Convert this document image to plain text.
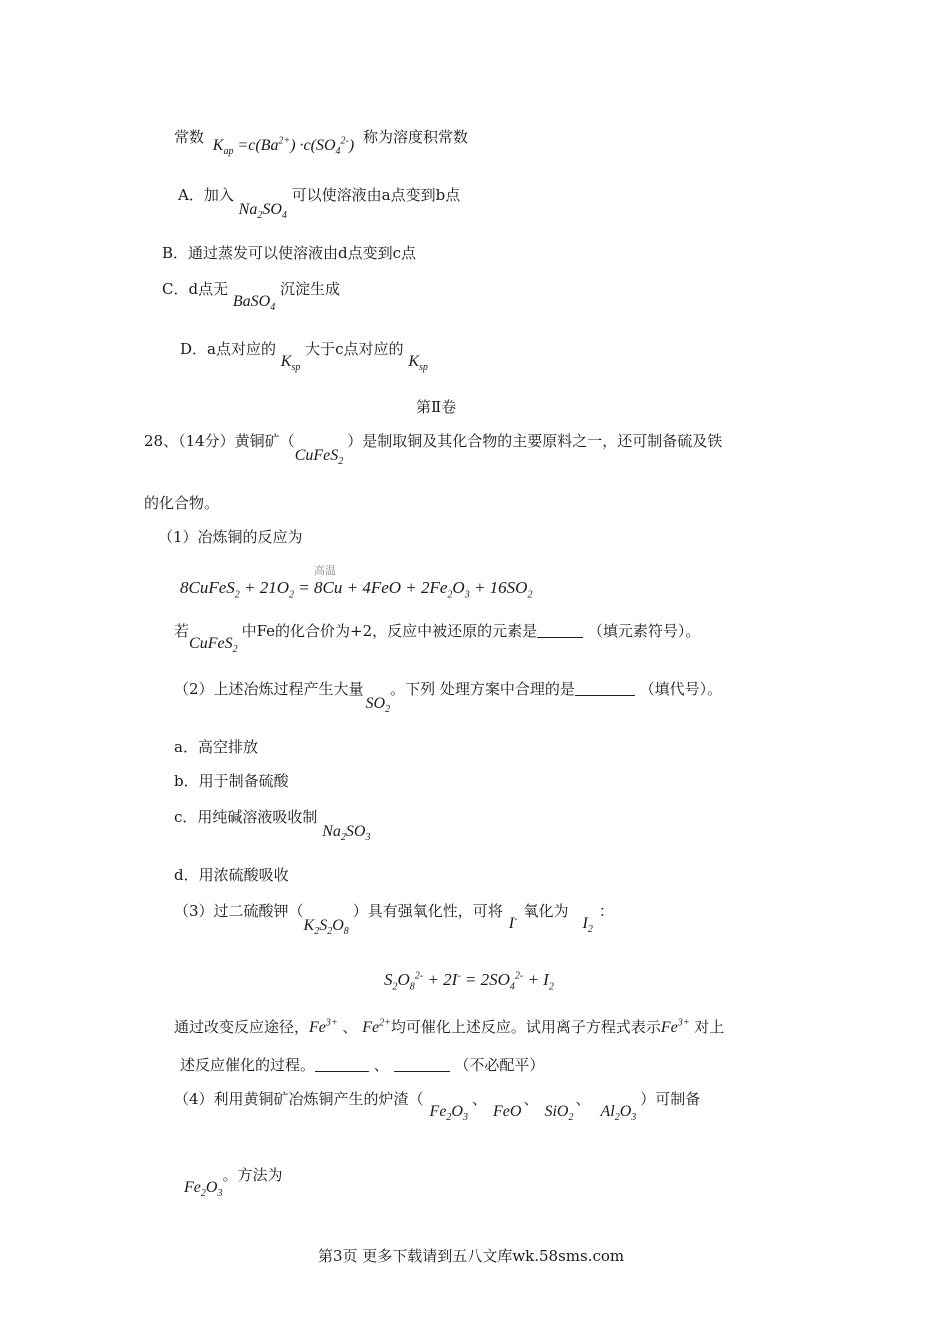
常数 $K_{ap} =c(Ba^{2+}) \cdot c(SO_4^{2-})$ 称为溶度积常数
A．加入 $Na_2SO_4$ 可以使溶液由a点变到b点
B．通过蒸发可以使溶液由d点变到c点
C．d点无 BaSO$_4$ 沉淀生成
D．a点对应的 $K_{sp}$ 大于c点对应的 $K_{sp}$
第Ⅱ卷
28、（14分）黄铜矿（CuFeS$_2$）是制取铜及其化合物的主要原料之一，还可制备硫及铁
的化合物。
（1）冶炼铜的反应为
高温
8CuFeS$_2$ + $21O_2 = 8Cu + 4FeO + 2Fe_2O_3 + 16SO_2$
若CuFeS$_2$中Fe的化合价为+2，反应中被还原的元素是	（填元素符号）。
（2）上述冶炼过程产生大量$SO_2$。下列 处理方案中合理的是	（填代号）。
a．高空排放
b．用于制备硫酸
c．用纯碱溶液吸收制 $Na_2SO_3$
d．用浓硫酸吸收
（3）过二硫酸钾$(K_2S_2O_8)$具有强氧化性，可将I- 氧化为$I_2$：
$S_2O_8^{2-} + 2I^- = 2SO_4^{2-} + I_2$
通过改变反应途径，$Fe^{3+}$ 、 $Fe^{2+}$均可催化上述反应。试用离子方程式表示$Fe^{3+}$ 对上
述反应催化的过程。	、	（不必配平）
（4）利用黄铜矿冶炼铜产生的炉渣（$Fe_2O_3$、FeO、SiO$_2$、$Al_2O_3$）可制备
$Fe_2O_3$。方法为
第3页 更多下载请到五八文库wk.58sms.com
